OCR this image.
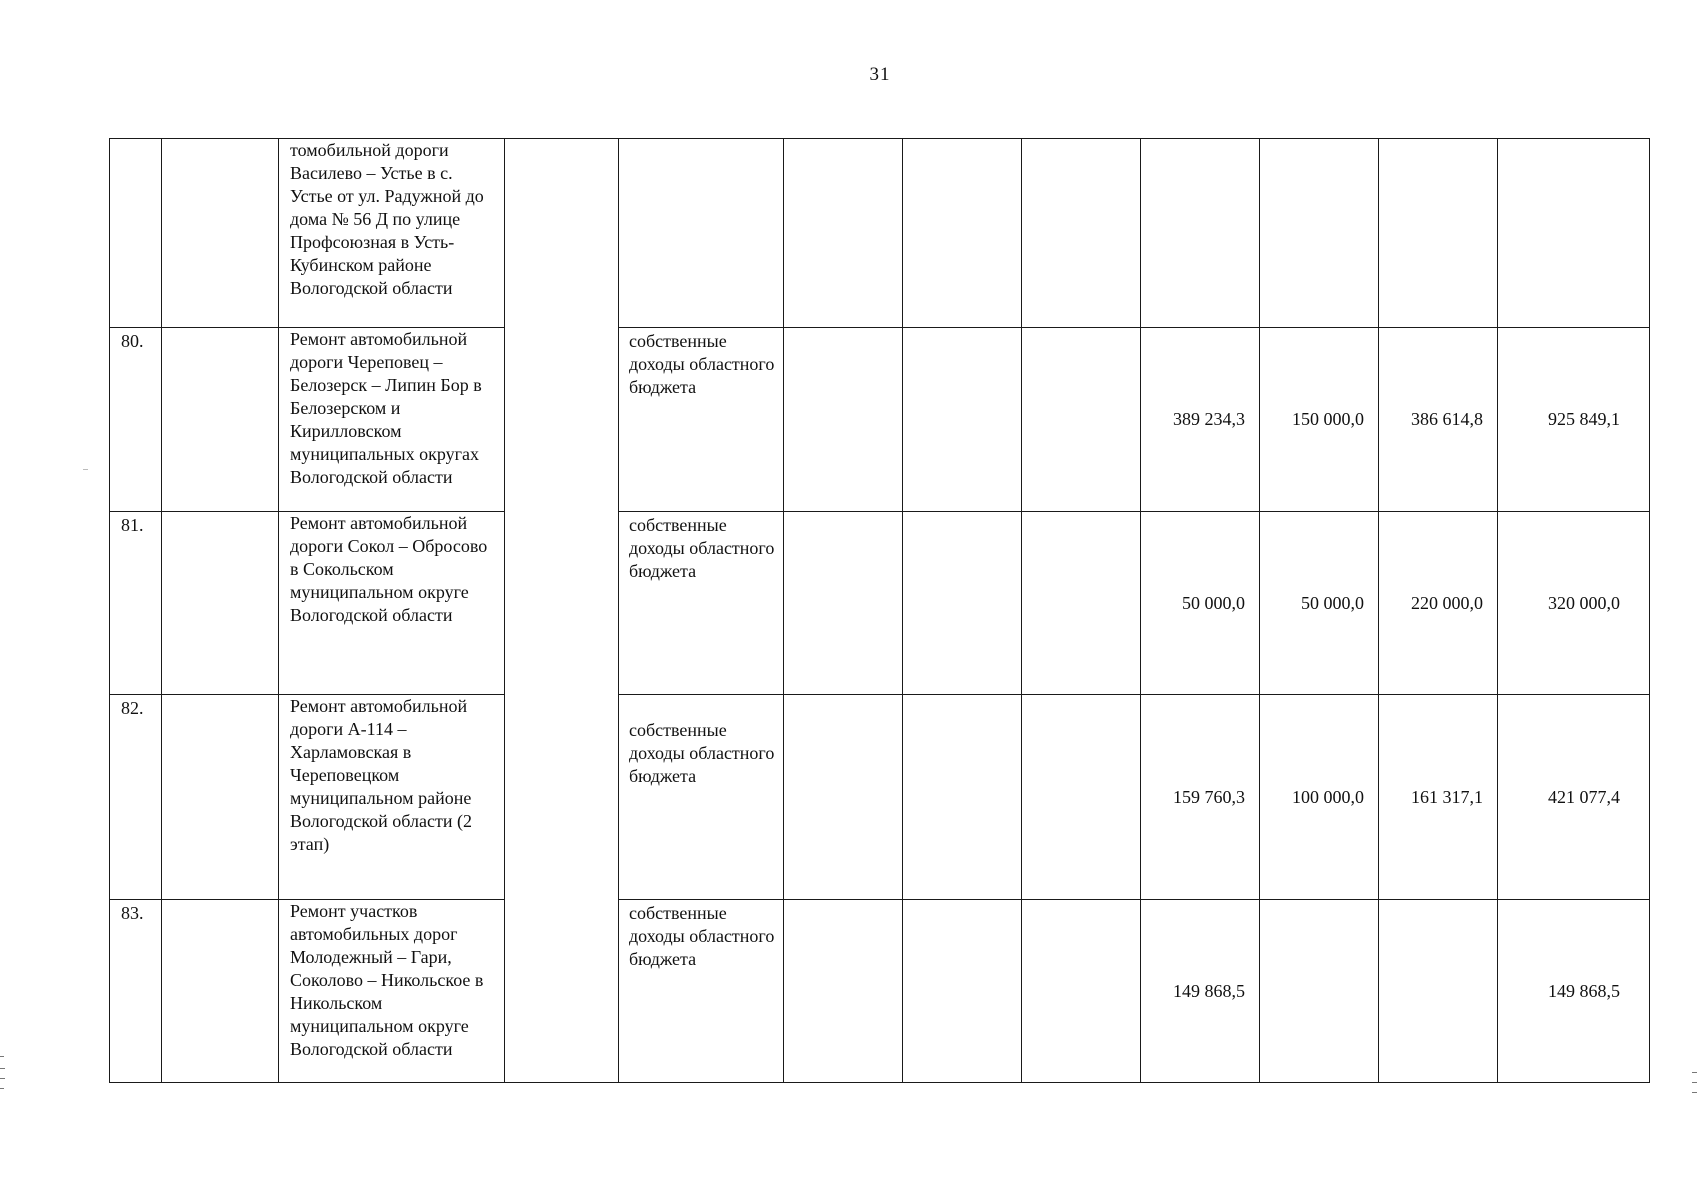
31
		томобильной дороги Василево – Устье в с. Устье от ул. Радужной до дома № 56 Д по улице Профсоюзная в Усть-Кубинском районе Вологодской области									
80.		Ремонт автомобильной дороги Череповец – Белозерск – Липин Бор в Белозерском и Кирилловском муниципальных округах Вологодской области		собственные доходы областного бюджета				389 234,3	150 000,0	386 614,8	925 849,1
81.		Ремонт автомобильной дороги Сокол – Обросово в Сокольском муниципальном округе Вологодской области		собственные доходы областного бюджета				50 000,0	50 000,0	220 000,0	320 000,0
82.		Ремонт автомобильной дороги А-114 – Харламовская в Череповецком муниципальном районе Вологодской области (2 этап)		собственные доходы областного бюджета				159 760,3	100 000,0	161 317,1	421 077,4
83.		Ремонт участков автомобильных дорог Молодежный – Гари, Соколово – Никольское в Никольском муниципальном округе Вологодской области		собственные доходы областного бюджета				149 868,5			149 868,5
